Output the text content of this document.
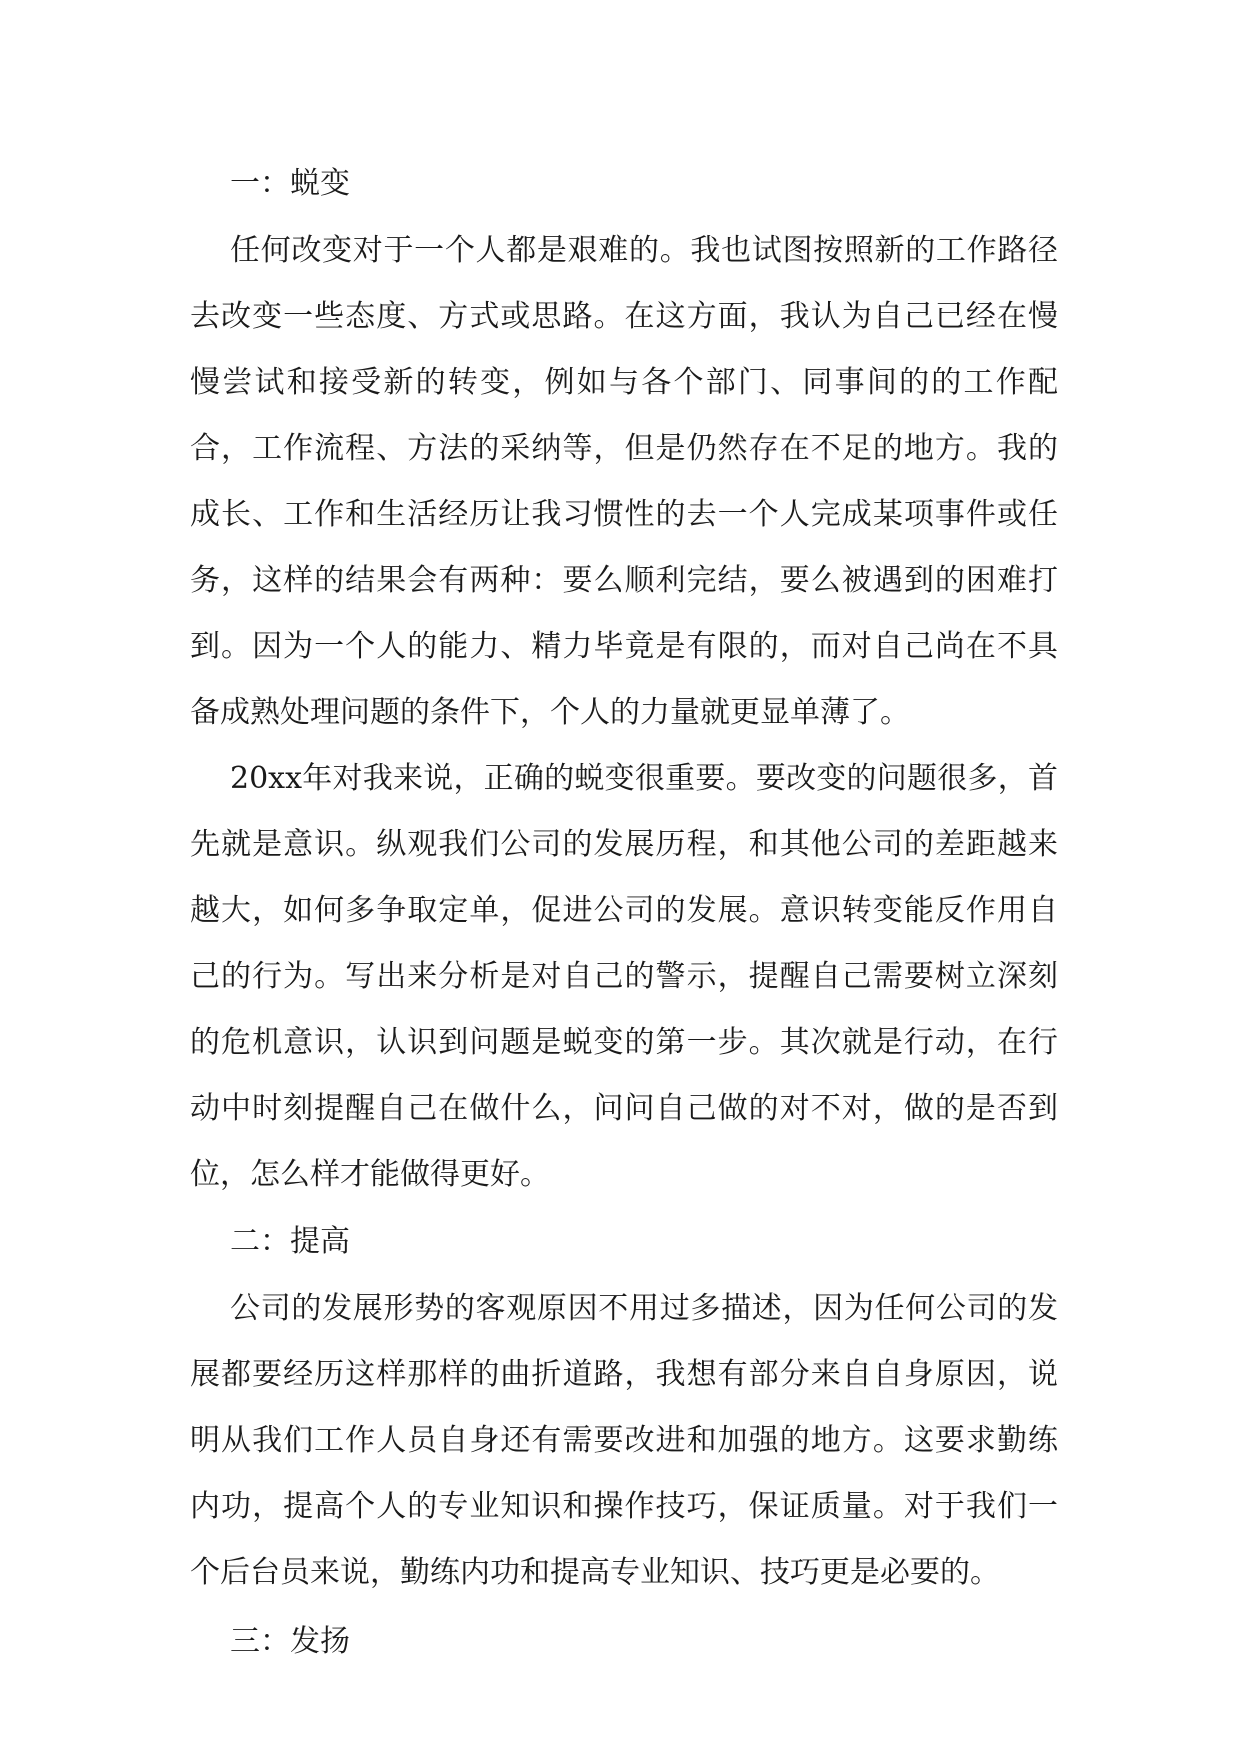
一：蜕变

任何改变对于一个人都是艰难的。我也试图按照新的工作路径去改变一些态度、方式或思路。在这方面，我认为自己已经在慢慢尝试和接受新的转变，例如与各个部门、同事间的的工作配合，工作流程、方法的采纳等，但是仍然存在不足的地方。我的成长、工作和生活经历让我习惯性的去一个人完成某项事件或任务，这样的结果会有两种：要么顺利完结，要么被遇到的困难打到。因为一个人的能力、精力毕竟是有限的，而对自己尚在不具备成熟处理问题的条件下，个人的力量就更显单薄了。

20xx年对我来说，正确的蜕变很重要。要改变的问题很多，首先就是意识。纵观我们公司的发展历程，和其他公司的差距越来越大，如何多争取定单，促进公司的发展。意识转变能反作用自己的行为。写出来分析是对自己的警示，提醒自己需要树立深刻的危机意识，认识到问题是蜕变的第一步。其次就是行动，在行动中时刻提醒自己在做什么，问问自己做的对不对，做的是否到位，怎么样才能做得更好。

二：提高

公司的发展形势的客观原因不用过多描述，因为任何公司的发展都要经历这样那样的曲折道路，我想有部分来自自身原因，说明从我们工作人员自身还有需要改进和加强的地方。这要求勤练内功，提高个人的专业知识和操作技巧，保证质量。对于我们一个后台员来说，勤练内功和提高专业知识、技巧更是必要的。

三：发扬
